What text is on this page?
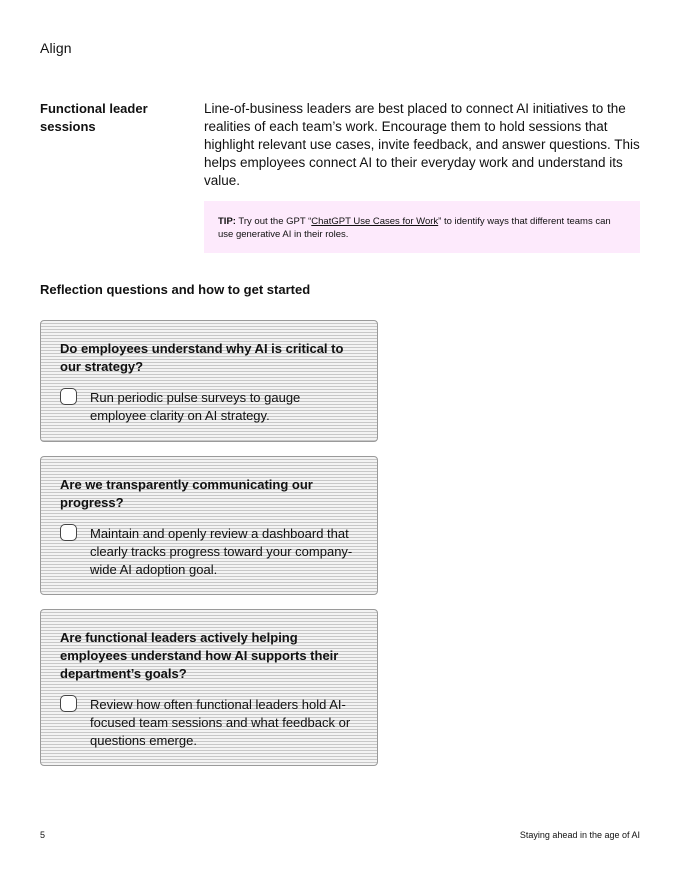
Align
Functional leader sessions
Line-of-business leaders are best placed to connect AI initiatives to the realities of each team’s work. Encourage them to hold sessions that highlight relevant use cases, invite feedback, and answer questions. This helps employees connect AI to their everyday work and understand its value.
TIP: Try out the GPT “ChatGPT Use Cases for Work” to identify ways that different teams can use generative AI in their roles.
Reflection questions and how to get started
Do employees understand why AI is critical to our strategy?
Run periodic pulse surveys to gauge employee clarity on AI strategy.
Are we transparently communicating our progress?
Maintain and openly review a dashboard that clearly tracks progress toward your company-wide AI adoption goal.
Are functional leaders actively helping employees understand how AI supports their department’s goals?
Review how often functional leaders hold AI-focused team sessions and what feedback or questions emerge.
5	Staying ahead in the age of AI
